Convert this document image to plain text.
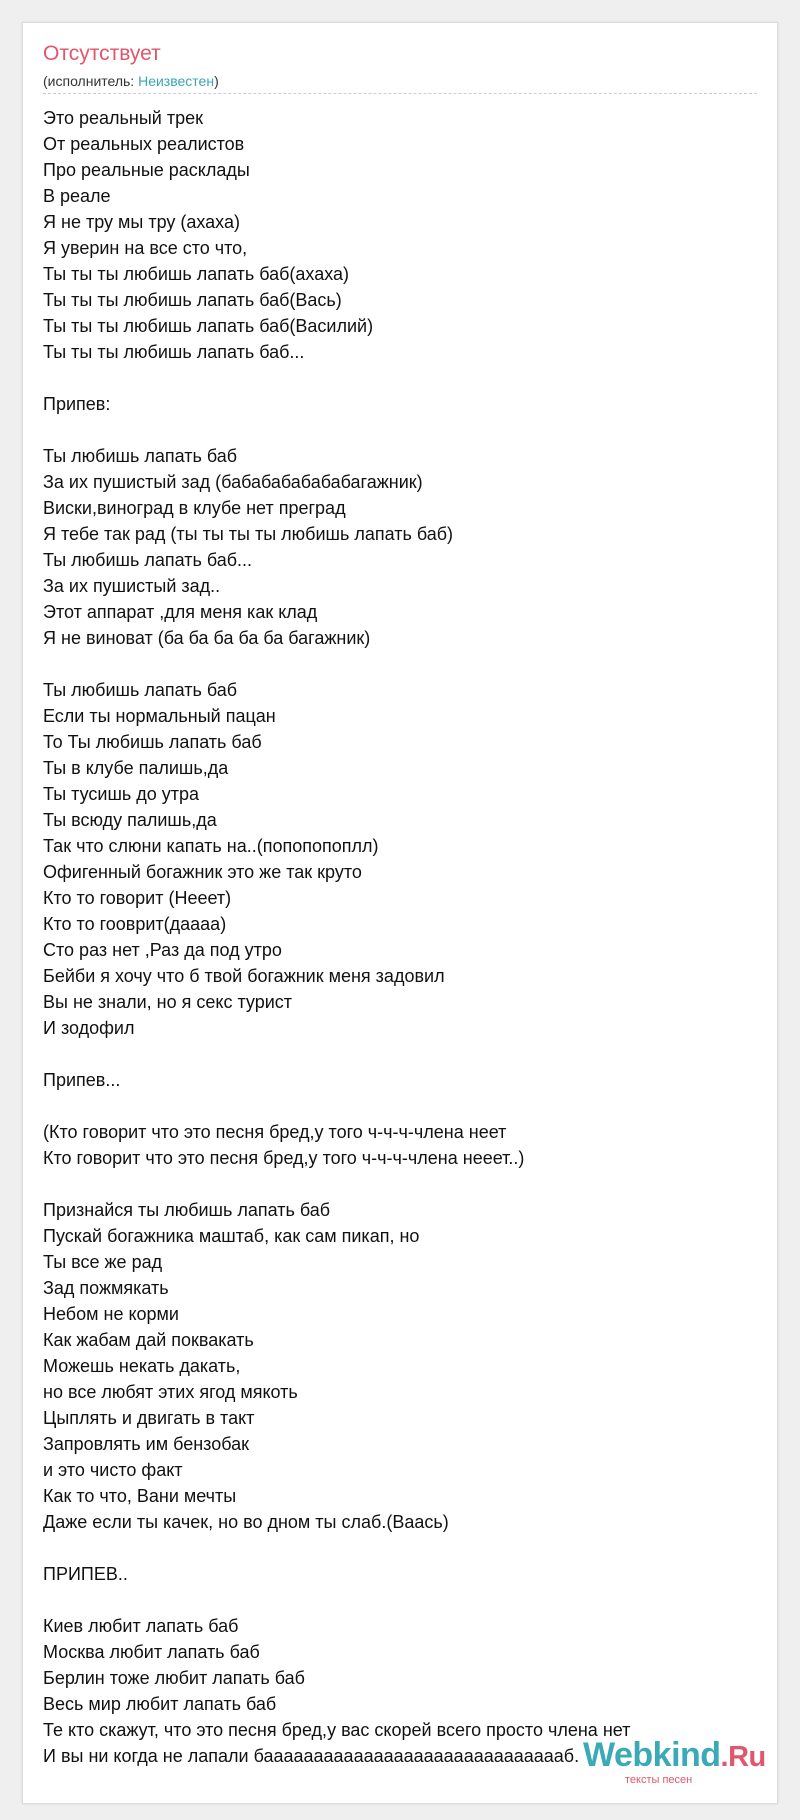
Отсутствует
(исполнитель: Неизвестен)
Это реальный трек
От реальных реалистов
Про реальные расклады
В реале
Я не тру мы тру (ахаха)
Я уверин на все сто что,
Ты ты ты любишь лапать баб(ахаха)
Ты ты ты любишь лапать баб(Вась)
Ты ты ты любишь лапать баб(Василий)
Ты ты ты любишь лапать баб...
Припев:
Ты любишь лапать баб
За их пушистый зад (бабабабабабабагажник)
Виски,виноград в клубе нет преград
Я тебе так рад (ты ты ты ты любишь лапать баб)
Ты любишь лапать баб...
За их пушистый зад..
Этот аппарат ,для меня как клад
Я не виноват (ба ба ба ба ба багажник)
Ты любишь лапать баб
Если ты нормальный пацан
То Ты любишь лапать баб
Ты в клубе палишь,да
Ты тусишь до утра
Ты всюду палишь,да
Так что слюни капать на..(попопопоплл)
Офигенный богажник это же так круто
Кто то говорит (Нееет)
Кто то гоoврит(даааа)
Сто раз нет ,Раз да под утро
Бейби я хочу что б твой богажник меня задовил
Вы не знали, но я секс турист
И зодофил
Припев...
(Кто говорит что это песня бред,у того ч-ч-ч-члена неет
Кто говорит что это песня бред,у того ч-ч-ч-члена нееет..)
Признайся ты любишь лапать баб
Пускай богажника маштаб, как сам пикап, но
Ты все же рад
Зад пожмякать
Небом не корми
Как жабам дай поквакать
Можешь некать дакать,
но все любят этих ягод мякоть
Цыплять и двигать в такт
Запровлять им бензобак
и это чисто факт
Как то что, Вани мечты
Даже если ты качек, но во дном ты слаб.(Ваась)
ПРИПЕВ..
Киев любит лапать баб
Москва любит лапать баб
Берлин тоже любит лапать баб
Весь мир любит лапать баб
Те кто скажут, что это песня бред,у вас скорей всего просто члена нет
И вы ни когда не лапали баaaaaaaaaaaaaaaaaaaaaaaaaaaaaaб. Webkind.Ru
тексты песен
